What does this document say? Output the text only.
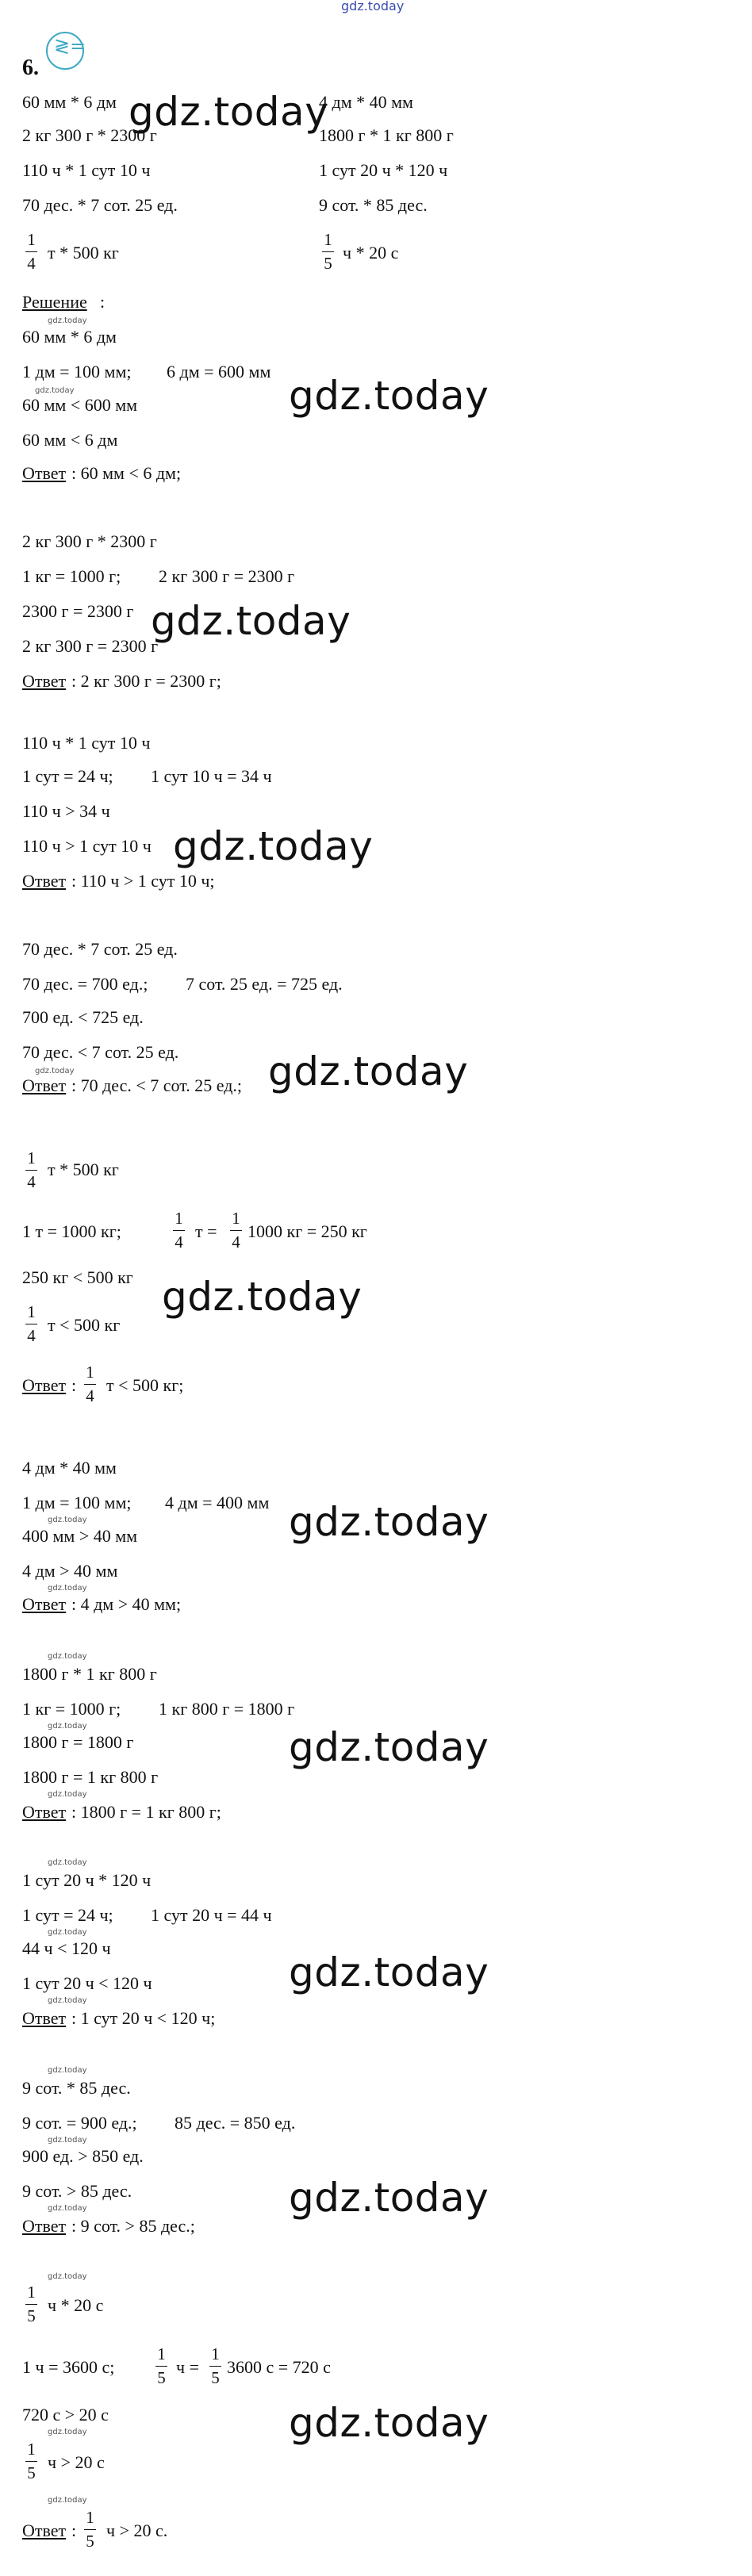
gdz.today
6.
≷=
60 мм * 6 дм
2 кг 300 г * 2300 г
110 ч * 1 сут 10 ч
70 дес. * 7 сот. 25 ед.
1
4
т * 500 кг
4 дм * 40 мм
1800 г * 1 кг 800 г
1 сут 20 ч * 120 ч
9 сот. * 85 дес.
1
5
ч * 20 с
gdz.today
Решение :
gdz.today
60 мм * 6 дм
1 дм = 100 мм; 6 дм = 600 мм
gdz.today
60 мм < 600 мм
60 мм < 6 дм
Ответ : 60 мм < 6 дм;
gdz.today
2 кг 300 г * 2300 г
1 кг = 1000 г; 2 кг 300 г = 2300 г
2300 г = 2300 г
2 кг 300 г = 2300 г
Ответ : 2 кг 300 г = 2300 г;
gdz.today
110 ч * 1 сут 10 ч
1 сут = 24 ч; 1 сут 10 ч = 34 ч
110 ч > 34 ч
110 ч > 1 сут 10 ч
Ответ : 110 ч > 1 сут 10 ч;
gdz.today
70 дес. * 7 сот. 25 ед.
70 дес. = 700 ед.; 7 сот. 25 ед. = 725 ед.
700 ед. < 725 ед.
70 дес. < 7 сот. 25 ед.
gdz.today
Ответ : 70 дес. < 7 сот. 25 ед.; gdz.today
1
4
т * 500 кг
1 т = 1000 кг;
1
4
т =
1
4
1000 кг = 250 кг
250 кг < 500 кг
1
4
т < 500 кг
Ответ :
1
4
т < 500 кг;
gdz.today
4 дм * 40 мм
1 дм = 100 мм; 4 дм = 400 мм
gdz.today
400 мм > 40 мм
4 дм > 40 мм
gdz.today
Ответ : 4 дм > 40 мм;
gdz.today
gdz.today
1800 г * 1 кг 800 г
1 кг = 1000 г; 1 кг 800 г = 1800 г
gdz.today
1800 г = 1800 г
1800 г = 1 кг 800 г
gdz.today
Ответ : 1800 г = 1 кг 800 г;
gdz.today
gdz.today
1 сут 20 ч * 120 ч
1 сут = 24 ч; 1 сут 20 ч = 44 ч
gdz.today
44 ч < 120 ч
1 сут 20 ч < 120 ч
gdz.today
Ответ : 1 сут 20 ч < 120 ч;
gdz.today
gdz.today
9 сот. * 85 дес.
9 сот. = 900 ед.; 85 дес. = 850 ед.
gdz.today
900 ед. > 850 ед.
9 сот. > 85 дес.
gdz.today
Ответ : 9 сот. > 85 дес.;
gdz.today
gdz.today
1
5
ч * 20 с
1 ч = 3600 с;
1
5
ч =
1
5
3600 с = 720 с
720 с > 20 с
gdz.today
1
5
ч > 20 с
gdz.today
Ответ :
1
5
ч > 20 с.
gdz.today
